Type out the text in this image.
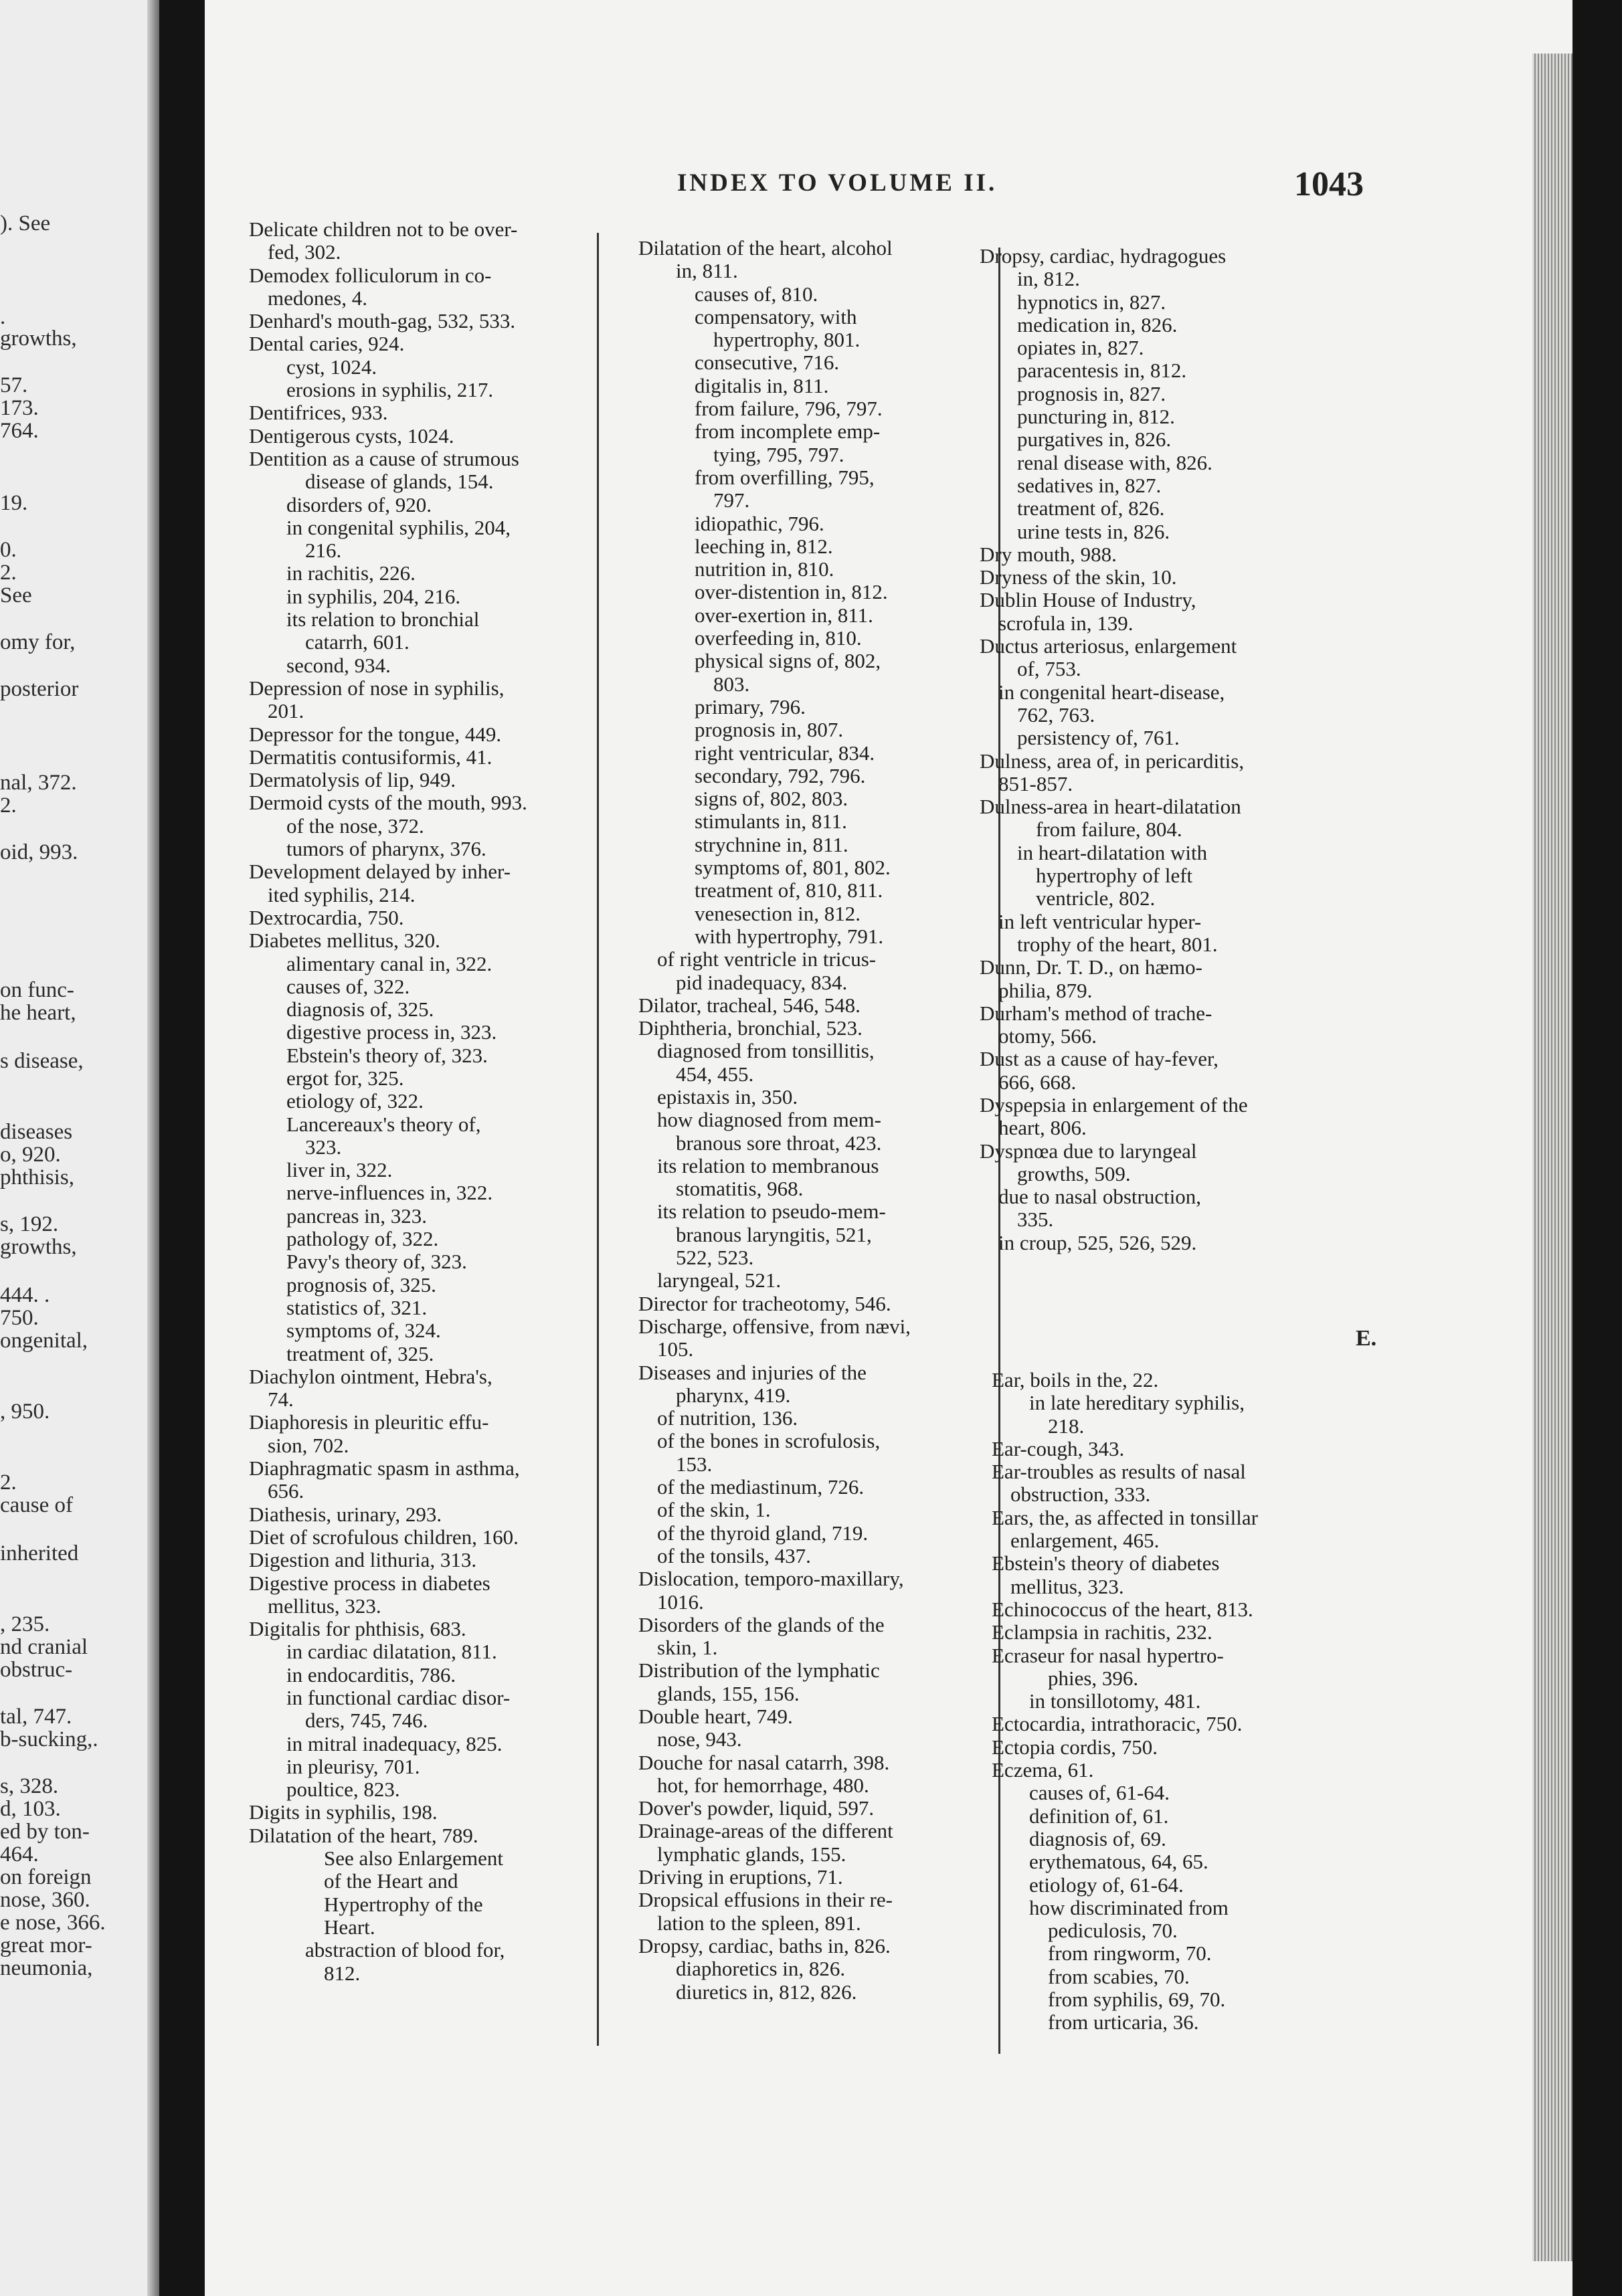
). See
.
growths,
57.
173.
764.
19.
0.
2.
See
omy for,
posterior
nal, 372.
2.
oid, 993.
on func-
he heart,
s disease,
diseases
o, 920.
phthisis,
s, 192.
growths,
444. .
750.
ongenital,
, 950.
2.
cause of
inherited
, 235.
nd cranial
obstruc-
tal, 747.
b-sucking,.
s, 328.
d, 103.
ed by ton-
464.
on foreign
nose, 360.
e nose, 366.
great mor-
neumonia,
INDEX TO VOLUME II.	1043
Delicate children not to be over-
fed, 302.
Demodex folliculorum in co-
medones, 4.
Denhard's mouth-gag, 532, 533.
Dental caries, 924.
cyst, 1024.
erosions in syphilis, 217.
Dentifrices, 933.
Dentigerous cysts, 1024.
Dentition as a cause of strumous
disease of glands, 154.
disorders of, 920.
in congenital syphilis, 204,
216.
in rachitis, 226.
in syphilis, 204, 216.
its relation to bronchial
catarrh, 601.
second, 934.
Depression of nose in syphilis,
201.
Depressor for the tongue, 449.
Dermatitis contusiformis, 41.
Dermatolysis of lip, 949.
Dermoid cysts of the mouth, 993.
of the nose, 372.
tumors of pharynx, 376.
Development delayed by inher-
ited syphilis, 214.
Dextrocardia, 750.
Diabetes mellitus, 320.
alimentary canal in, 322.
causes of, 322.
diagnosis of, 325.
digestive process in, 323.
Ebstein's theory of, 323.
ergot for, 325.
etiology of, 322.
Lancereaux's theory of,
323.
liver in, 322.
nerve-influences in, 322.
pancreas in, 323.
pathology of, 322.
Pavy's theory of, 323.
prognosis of, 325.
statistics of, 321.
symptoms of, 324.
treatment of, 325.
Diachylon ointment, Hebra's,
74.
Diaphoresis in pleuritic effu-
sion, 702.
Diaphragmatic spasm in asthma,
656.
Diathesis, urinary, 293.
Diet of scrofulous children, 160.
Digestion and lithuria, 313.
Digestive process in diabetes
mellitus, 323.
Digitalis for phthisis, 683.
in cardiac dilatation, 811.
in endocarditis, 786.
in functional cardiac disor-
ders, 745, 746.
in mitral inadequacy, 825.
in pleurisy, 701.
poultice, 823.
Digits in syphilis, 198.
Dilatation of the heart, 789.
See also Enlargement
of the Heart and
Hypertrophy of the
Heart.
abstraction of blood for,
812.
Dilatation of the heart, alcohol
in, 811.
causes of, 810.
compensatory, with
hypertrophy, 801.
consecutive, 716.
digitalis in, 811.
from failure, 796, 797.
from incomplete emp-
tying, 795, 797.
from overfilling, 795,
797.
idiopathic, 796.
leeching in, 812.
nutrition in, 810.
over-distention in, 812.
over-exertion in, 811.
overfeeding in, 810.
physical signs of, 802,
803.
primary, 796.
prognosis in, 807.
right ventricular, 834.
secondary, 792, 796.
signs of, 802, 803.
stimulants in, 811.
strychnine in, 811.
symptoms of, 801, 802.
treatment of, 810, 811.
venesection in, 812.
with hypertrophy, 791.
of right ventricle in tricus-
pid inadequacy, 834.
Dilator, tracheal, 546, 548.
Diphtheria, bronchial, 523.
diagnosed from tonsillitis,
454, 455.
epistaxis in, 350.
how diagnosed from mem-
branous sore throat, 423.
its relation to membranous
stomatitis, 968.
its relation to pseudo-mem-
branous laryngitis, 521,
522, 523.
laryngeal, 521.
Director for tracheotomy, 546.
Discharge, offensive, from nævi,
105.
Diseases and injuries of the
pharynx, 419.
of nutrition, 136.
of the bones in scrofulosis,
153.
of the mediastinum, 726.
of the skin, 1.
of the thyroid gland, 719.
of the tonsils, 437.
Dislocation, temporo-maxillary,
1016.
Disorders of the glands of the
skin, 1.
Distribution of the lymphatic
glands, 155, 156.
Double heart, 749.
nose, 943.
Douche for nasal catarrh, 398.
hot, for hemorrhage, 480.
Dover's powder, liquid, 597.
Drainage-areas of the different
lymphatic glands, 155.
Driving in eruptions, 71.
Dropsical effusions in their re-
lation to the spleen, 891.
Dropsy, cardiac, baths in, 826.
diaphoretics in, 826.
diuretics in, 812, 826.
Dropsy, cardiac, hydragogues
in, 812.
hypnotics in, 827.
medication in, 826.
opiates in, 827.
paracentesis in, 812.
prognosis in, 827.
puncturing in, 812.
purgatives in, 826.
renal disease with, 826.
sedatives in, 827.
treatment of, 826.
urine tests in, 826.
Dry mouth, 988.
Dryness of the skin, 10.
Dublin House of Industry,
scrofula in, 139.
Ductus arteriosus, enlargement
of, 753.
in congenital heart-disease,
762, 763.
persistency of, 761.
Dulness, area of, in pericarditis,
851-857.
Dulness-area in heart-dilatation
from failure, 804.
in heart-dilatation with
hypertrophy of left
ventricle, 802.
in left ventricular hyper-
trophy of the heart, 801.
Dunn, Dr. T. D., on hæmo-
philia, 879.
Durham's method of trache-
otomy, 566.
Dust as a cause of hay-fever,
666, 668.
Dyspepsia in enlargement of the
heart, 806.
Dyspnœa due to laryngeal
growths, 509.
due to nasal obstruction,
335.
in croup, 525, 526, 529.
E.
Ear, boils in the, 22.
in late hereditary syphilis,
218.
Ear-cough, 343.
Ear-troubles as results of nasal
obstruction, 333.
Ears, the, as affected in tonsillar
enlargement, 465.
Ebstein's theory of diabetes
mellitus, 323.
Echinococcus of the heart, 813.
Eclampsia in rachitis, 232.
Ecraseur for nasal hypertro-
phies, 396.
in tonsillotomy, 481.
Ectocardia, intrathoracic, 750.
Ectopia cordis, 750.
Eczema, 61.
causes of, 61-64.
definition of, 61.
diagnosis of, 69.
erythematous, 64, 65.
etiology of, 61-64.
how discriminated from
pediculosis, 70.
from ringworm, 70.
from scabies, 70.
from syphilis, 69, 70.
from urticaria, 36.
